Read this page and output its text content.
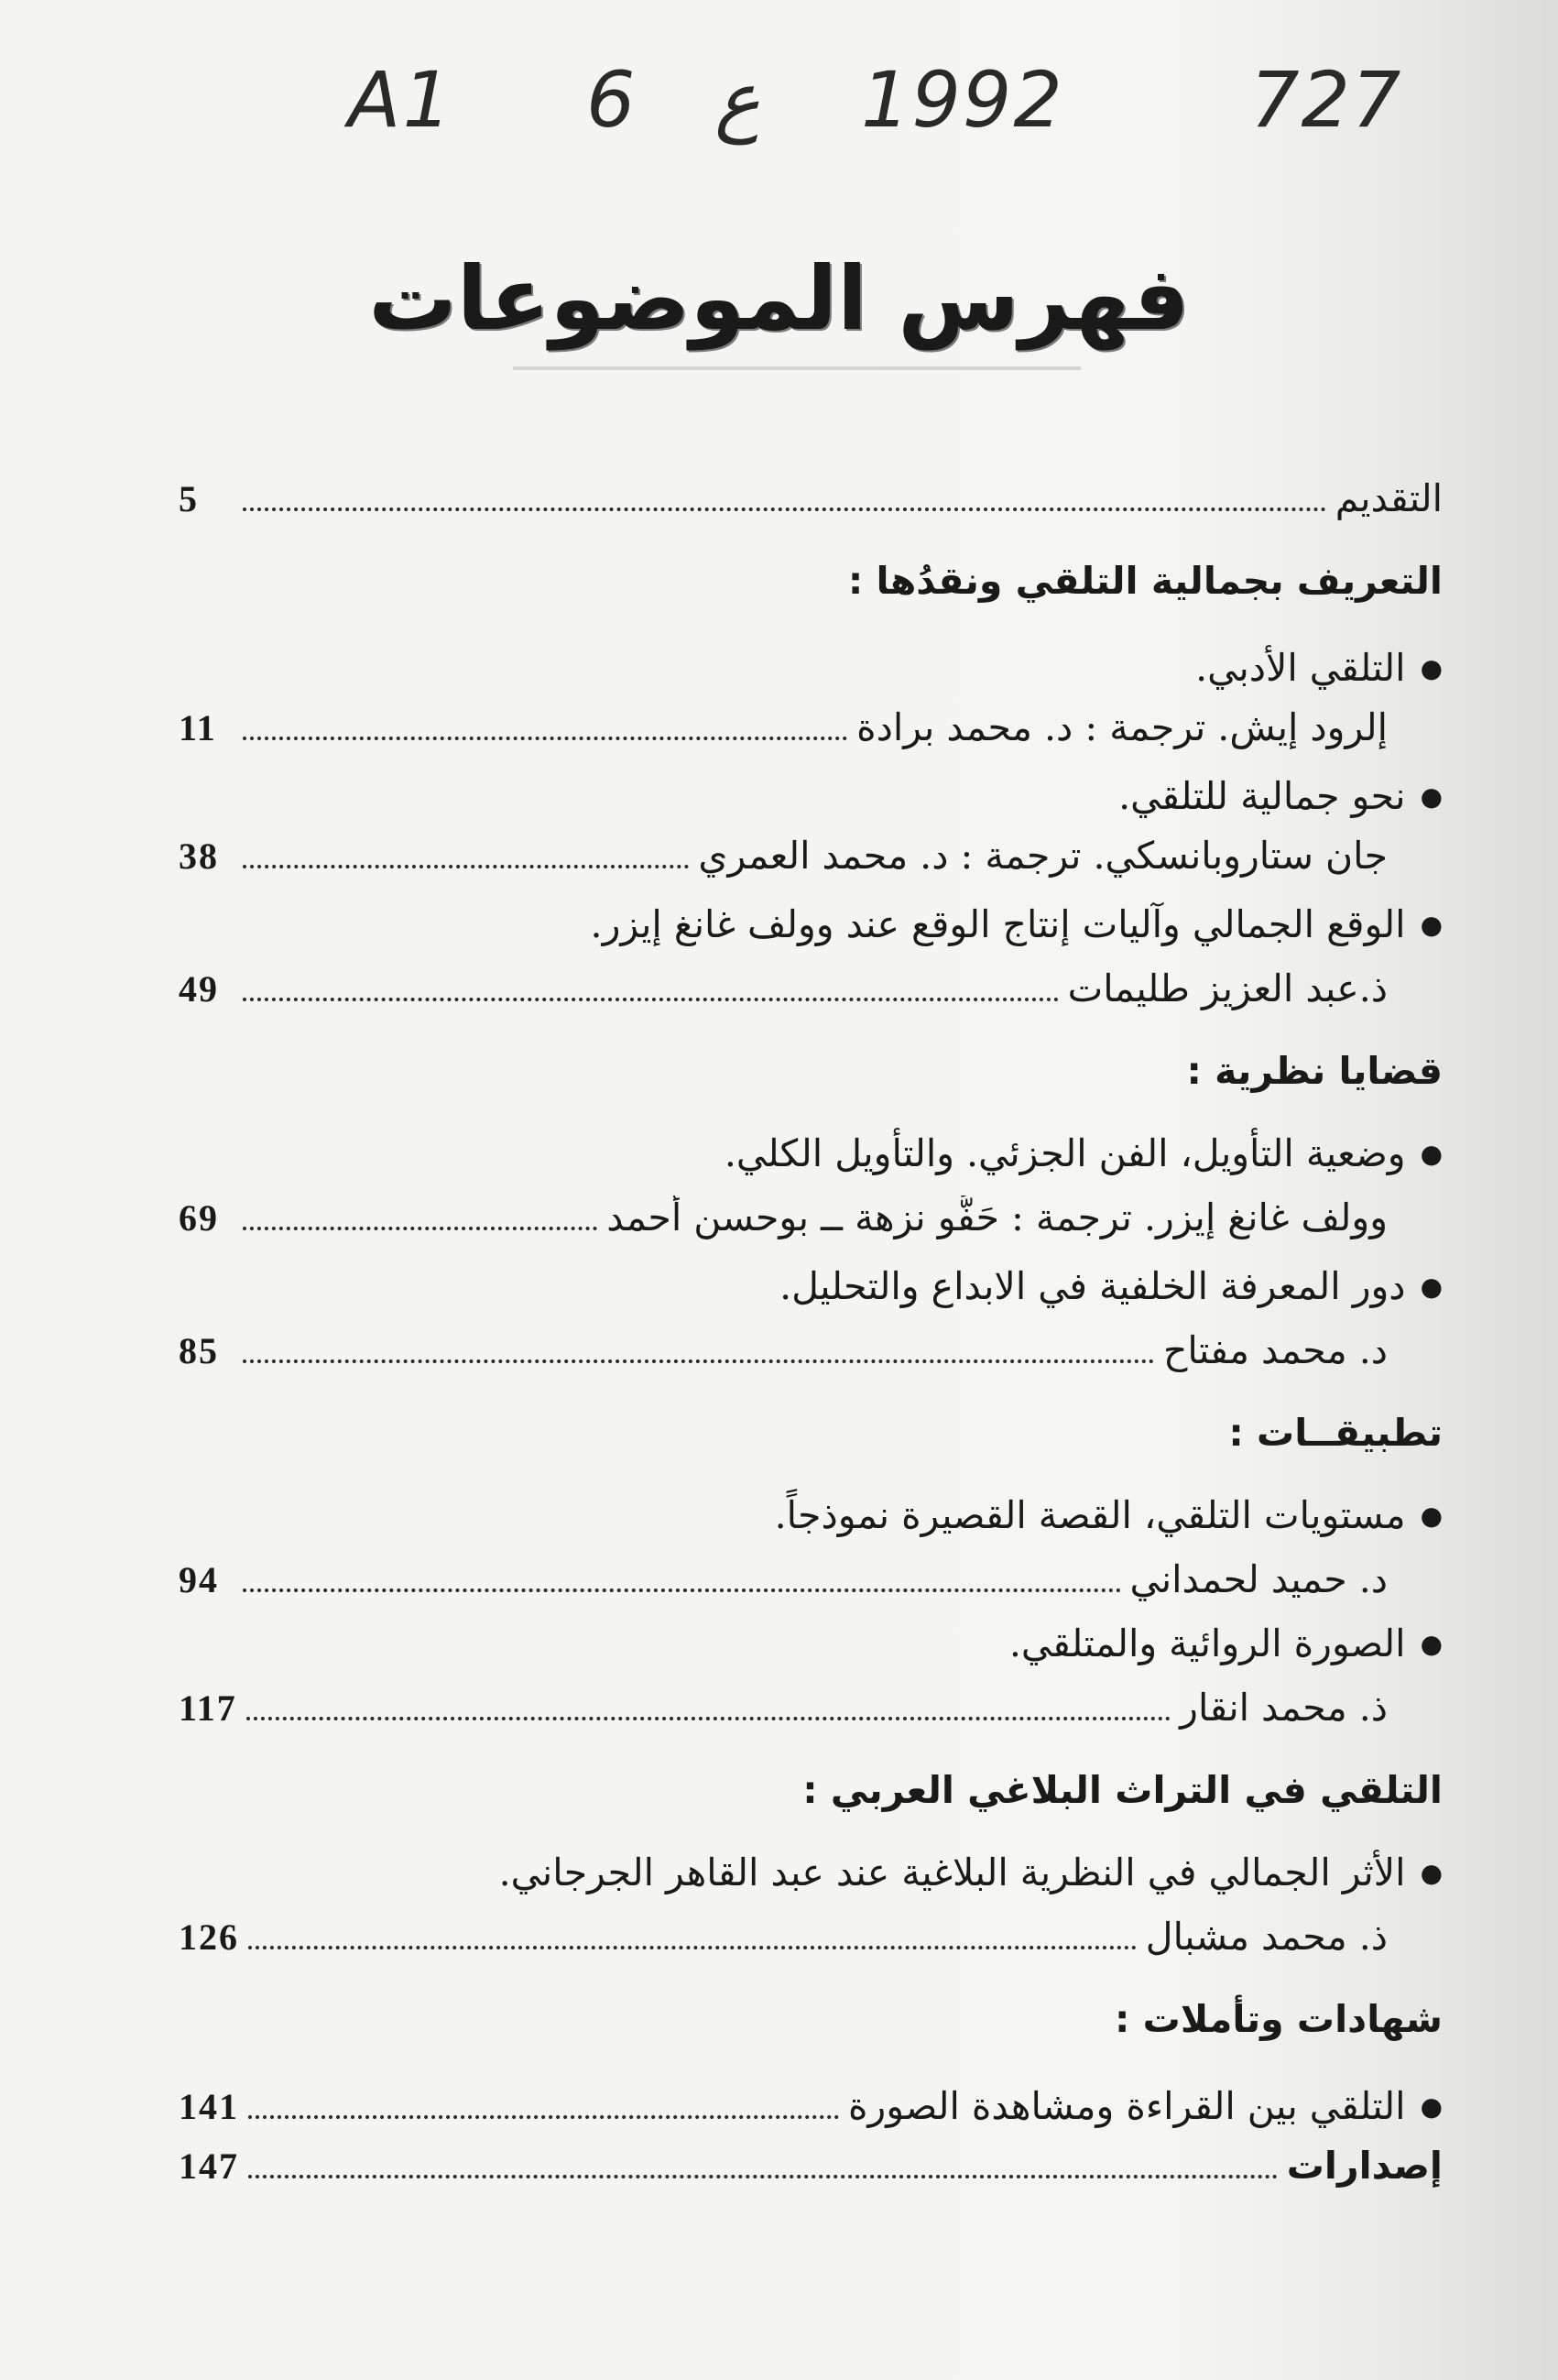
A1 6 ع 1992 727
فهرس الموضوعات
التقديم
5
التعريف بجمالية التلقي ونقدُها :
●التلقي الأدبي.
إلرود إيش. ترجمة : د. محمد برادة
11
●نحو جمالية للتلقي.
جان ستاروبانسكي. ترجمة : د. محمد العمري
38
●الوقع الجمالي وآليات إنتاج الوقع عند وولف غانغ إيزر.
ذ.عبد العزيز طليمات
49
قضايا نظرية :
●وضعية التأويل، الفن الجزئي. والتأويل الكلي.
وولف غانغ إيزر. ترجمة : حَفُّو نزهة ــ بوحسن أحمد
69
●دور المعرفة الخلفية في الابداع والتحليل.
د. محمد مفتاح
85
تطبيقــات :
●مستويات التلقي، القصة القصيرة نموذجاً.
د. حميد لحمداني
94
●الصورة الروائية والمتلقي.
ذ. محمد انقار
117
التلقي في التراث البلاغي العربي :
●الأثر الجمالي في النظرية البلاغية عند عبد القاهر الجرجاني.
ذ. محمد مشبال
126
شهادات وتأملات :
●التلقي بين القراءة ومشاهدة الصورة
141
إصدارات
147
